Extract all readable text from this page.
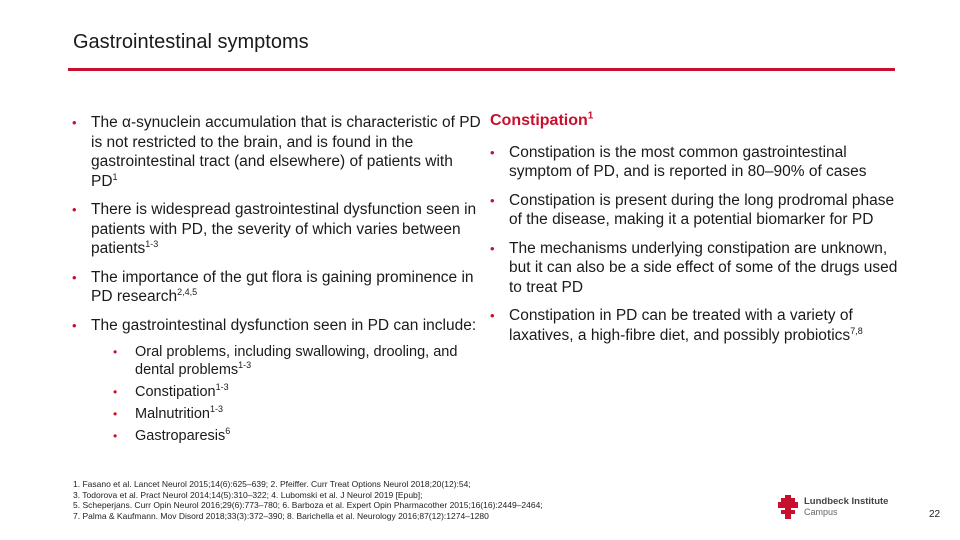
Gastrointestinal symptoms
• The α-synuclein accumulation that is characteristic of PD is not restricted to the brain, and is found in the gastrointestinal tract (and elsewhere) of patients with $PD^1$
• There is widespread gastrointestinal dysfunction seen in patients with PD, the severity of which varies between patients$^{1-3}$
• The importance of the gut flora is gaining prominence in PD research$^{2,4,5}$
• The gastrointestinal dysfunction seen in PD can include:
• Oral problems, including swallowing, drooling, and dental problems$^{1-3}$
• Constipation$^{1-3}$
• Malnutrition$^{1-3}$
• Gastroparesis$^6$
Constipation$^1$
• Constipation is the most common gastrointestinal symptom of PD, and is reported in 80–90% of cases
• Constipation is present during the long prodromal phase of the disease, making it a potential biomarker for PD
• The mechanisms underlying constipation are unknown, but it can also be a side effect of some of the drugs used to treat PD
• Constipation in PD can be treated with a variety of laxatives, a high-fibre diet, and possibly probiotics$^{7,8}$
1. Fasano et al. Lancet Neurol 2015;14(6):625–639; 2. Pfeiffer. Curr Treat Options Neurol 2018;20(12):54;
3. Todorova et al. Pract Neurol 2014;14(5):310–322; 4. Lubomski et al. J Neurol 2019 [Epub];
5. Scheperjans. Curr Opin Neurol 2016;29(6):773–780; 6. Barboza et al. Expert Opin Pharmacother 2015;16(16):2449–2464;
7. Palma & Kaufmann. Mov Disord 2018;33(3):372–390; 8. Barichella et al. Neurology 2016;87(12):1274–1280
Lundbeck Institute
Campus	22
